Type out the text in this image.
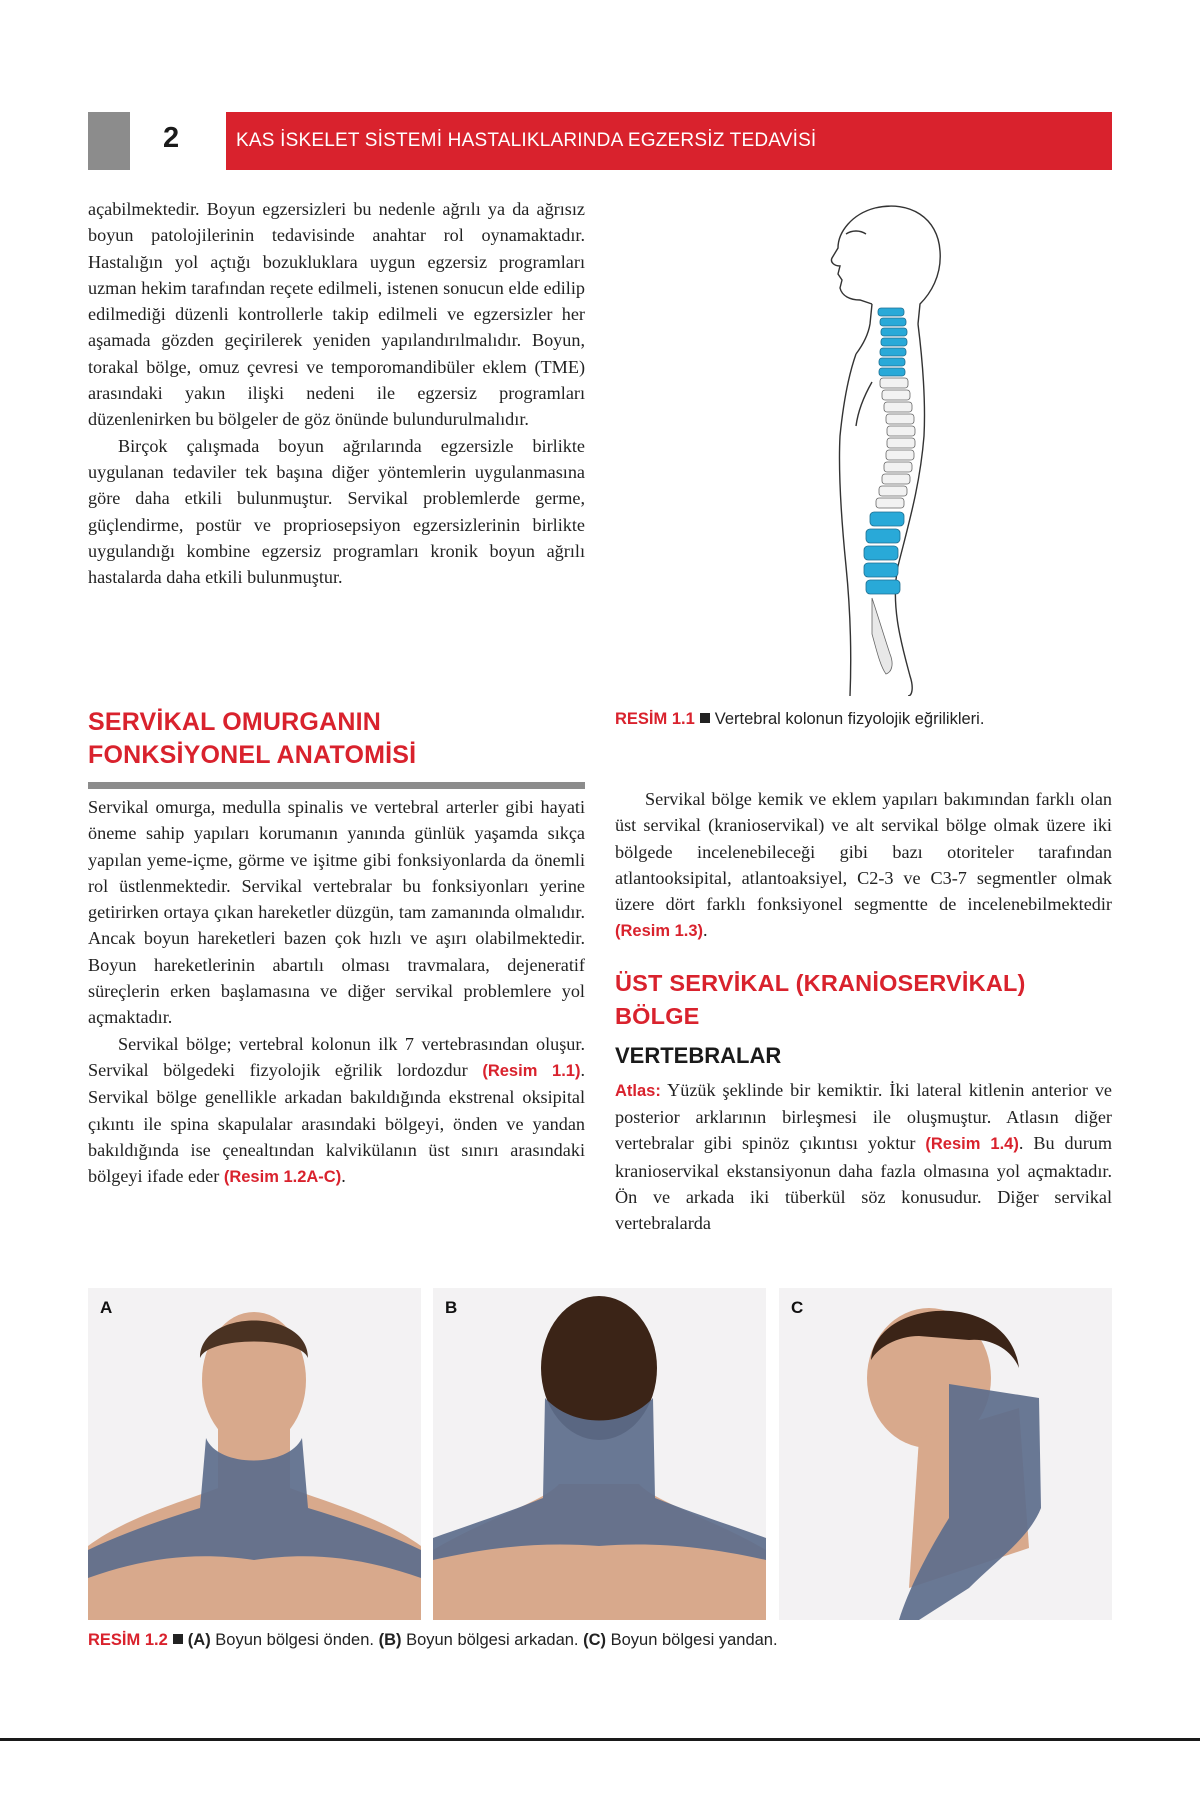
2	KAS İSKELET SİSTEMİ HASTALIKLARINDA EGZERSİZ TEDAVİSİ

açabilmektedir. Boyun egzersizleri bu nedenle ağrılı ya da ağrısız boyun patolojilerinin tedavisinde anahtar rol oynamaktadır. Hastalığın yol açtığı bozukluklara uygun egzersiz programları uzman hekim tarafından reçete edilmeli, istenen sonucun elde edilip edilmediği düzenli kontrollerle takip edilmeli ve egzersizler her aşamada gözden geçirilerek yeniden yapılandırılmalıdır. Boyun, torakal bölge, omuz çevresi ve temporomandibüler eklem (TME) arasındaki yakın ilişki nedeni ile egzersiz programları düzenlenirken bu bölgeler de göz önünde bulundurulmalıdır.

Birçok çalışmada boyun ağrılarında egzersizle birlikte uygulanan tedaviler tek başına diğer yöntemlerin uygulanmasına göre daha etkili bulunmuştur. Servikal problemlerde germe, güçlendirme, postür ve propriosepsiyon egzersizlerinin birlikte uygulandığı kombine egzersiz programları kronik boyun ağrılı hastalarda daha etkili bulunmuştur.

SERVİKAL OMURGANIN

FONKSİYONEL ANATOMİSİ

Servikal omurga, medulla spinalis ve vertebral arterler gibi hayati öneme sahip yapıları korumanın yanında günlük yaşamda sıkça yapılan yeme-içme, görme ve işitme gibi fonksiyonlarda da önemli rol üstlenmektedir. Servikal vertebralar bu fonksiyonları yerine getirirken ortaya çıkan hareketler düzgün, tam zamanında olmalıdır. Ancak boyun hareketleri bazen çok hızlı ve aşırı olabilmektedir. Boyun hareketlerinin abartılı olması travmalara, dejeneratif süreçlerin erken başlamasına ve diğer servikal problemlere yol açmaktadır.

Servikal bölge; vertebral kolonun ilk 7 vertebrasından oluşur. Servikal bölgedeki fizyolojik eğrilik lordozdur (Resim 1.1). Servikal bölge genellikle arkadan bakıldığında ekstrenal oksipital çıkıntı ile spina skapulalar arasındaki bölgeyi, önden ve yandan bakıldığında ise çenealtından kalvikülanın üst sınırı arasındaki bölgeyi ifade eder (Resim 1.2A-C).

RESİM 1.1 Vertebral kolonun fizyolojik eğrilikleri.

Servikal bölge kemik ve eklem yapıları bakımından farklı olan üst servikal (kranioservikal) ve alt servikal bölge olmak üzere iki bölgede incelenebileceği gibi bazı otoriteler tarafından atlantooksipital, atlantoaksiyel, C2-3 ve C3-7 segmentler olmak üzere dört farklı fonksiyonel segmentte de incelenebilmektedir (Resim 1.3).

ÜST SERVİKAL (KRANİOSERVİKAL)

BÖLGE

VERTEBRALAR

Atlas: Yüzük şeklinde bir kemiktir. İki lateral kitlenin anterior ve posterior arklarının birleşmesi ile oluşmuştur. Atlasın diğer vertebralar gibi spinöz çıkıntısı yoktur (Resim 1.4). Bu durum kranioservikal ekstansiyonun daha fazla olmasına yol açmaktadır. Ön ve arkada iki tüberkül söz konusudur. Diğer servikal vertebralarda

A	B	C
RESİM 1.2 (A) Boyun bölgesi önden. (B) Boyun bölgesi arkadan. (C) Boyun bölgesi yandan.
